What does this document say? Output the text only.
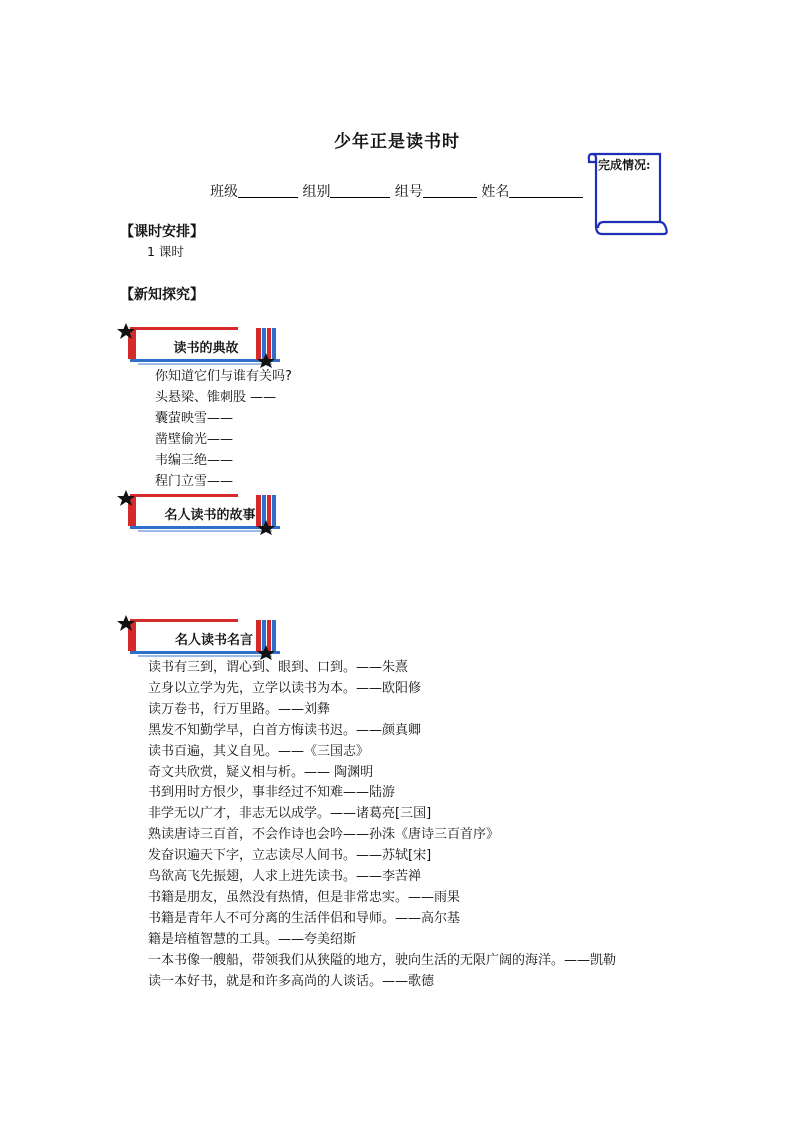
少年正是读书时
班级	组别	组号	姓名
完成情况:
【课时安排】
1 课时
【新知探究】
读书的典故
你知道它们与谁有关吗?
头悬梁、锥刺股 ——
囊萤映雪——
凿壁偷光——
韦编三绝——
程门立雪——
名人读书的故事
名人读书名言
读书有三到，谓心到、眼到、口到。——朱熹
立身以立学为先，立学以读书为本。——欧阳修
读万卷书，行万里路。——刘彝
黑发不知勤学早，白首方悔读书迟。——颜真卿
读书百遍，其义自见。——《三国志》
奇文共欣赏，疑义相与析。—— 陶渊明
书到用时方恨少，事非经过不知难——陆游
非学无以广才，非志无以成学。——诸葛亮[三国]
熟读唐诗三百首，不会作诗也会吟——孙洙《唐诗三百首序》
发奋识遍天下字，立志读尽人间书。——苏轼[宋]
鸟欲高飞先振翅，人求上进先读书。——李苦禅
书籍是朋友，虽然没有热情，但是非常忠实。——雨果
书籍是青年人不可分离的生活伴侣和导师。——高尔基
籍是培植智慧的工具。——夸美绍斯
一本书像一艘船，带领我们从狭隘的地方，驶向生活的无限广阔的海洋。——凯勒
读一本好书，就是和许多高尚的人谈话。——歌德
